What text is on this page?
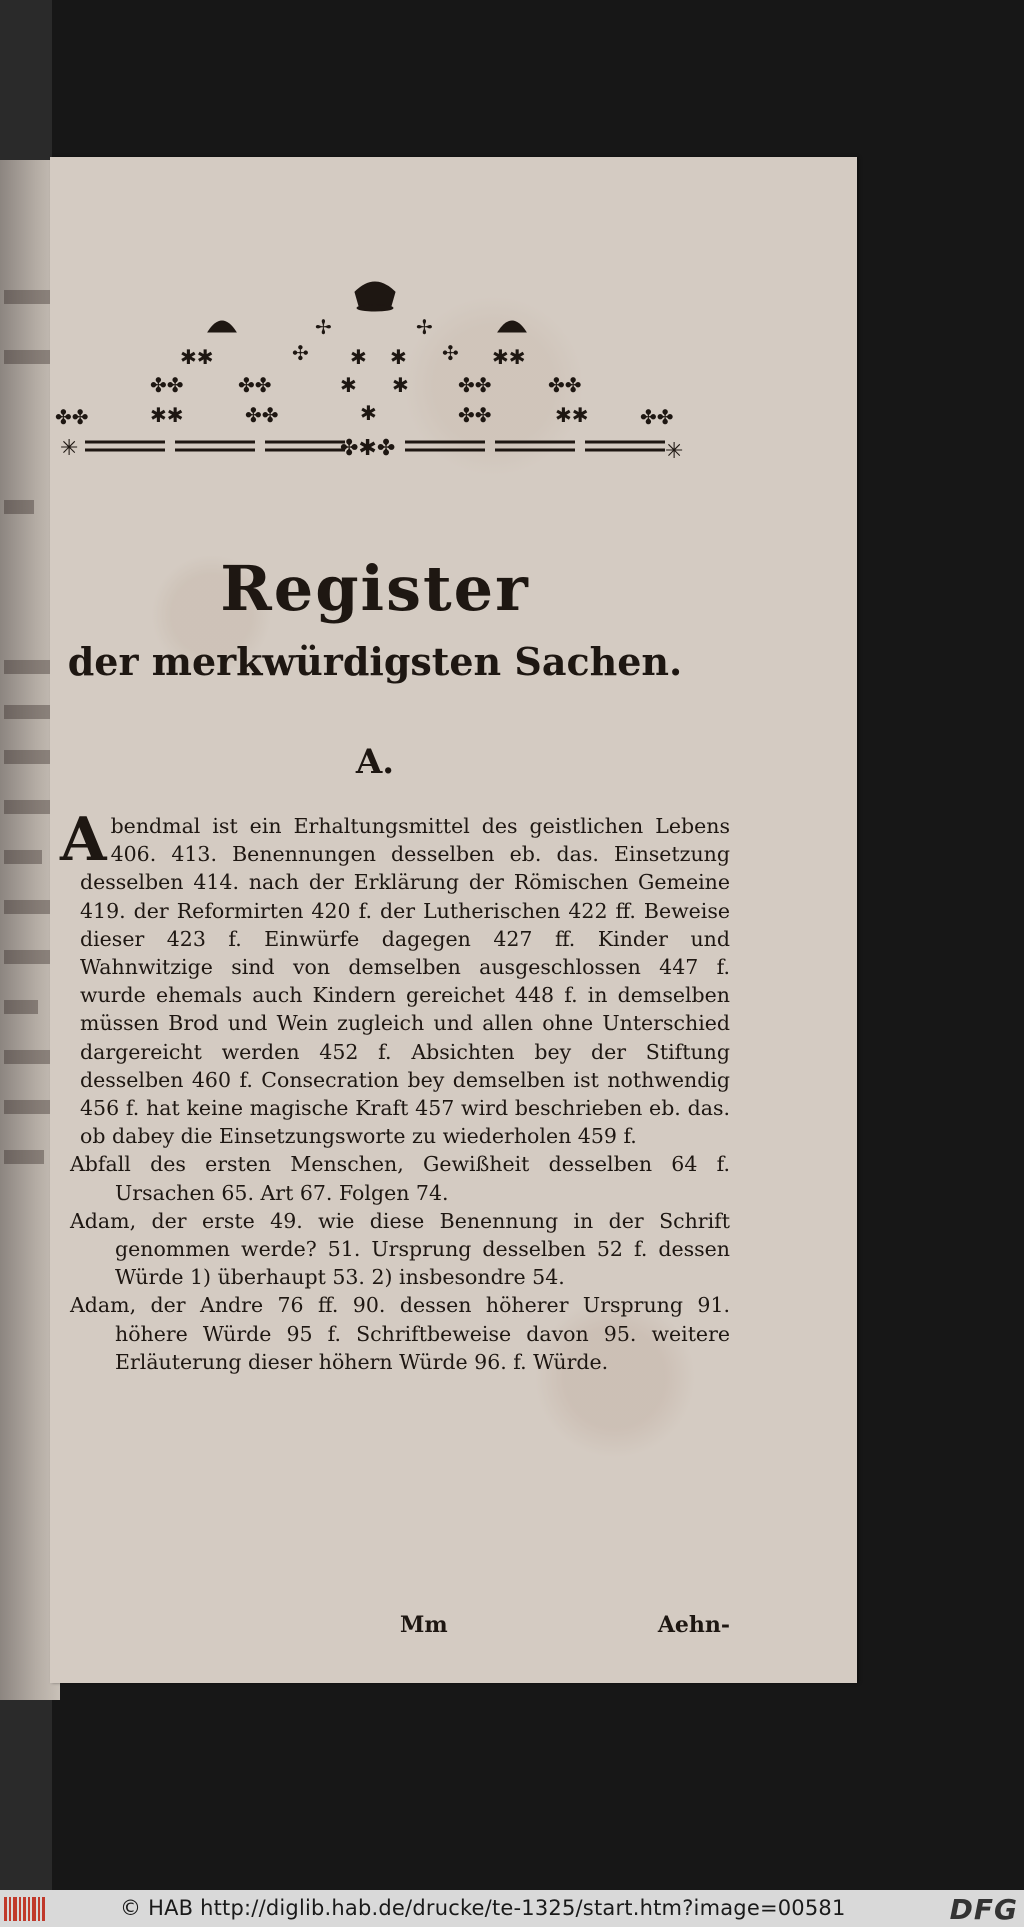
✢	✢
✣ ✱ ✱ ✣
✱✱	✱✱
✤✤	✤✤	✱ ✱ ✤✤	✤✤
✱
✱✱	✤✤	✤✤	✱✱
✤✤	✤✤
✳	✤✱✤	✳
Register
der merkwürdigsten Sachen.
A.

Abendmal ist ein Erhaltungsmittel des geistlichen Lebens 406. 413. Benennungen desselben eb. das. Einsetzung desselben 414. nach der Erklärung der Römischen Gemeine 419. der Reformirten 420 f. der Lutherischen 422 ff. Beweise dieser 423 f. Einwürfe dagegen 427 ff. Kinder und Wahnwitzige sind von demselben ausgeschlossen 447 f. wurde ehemals auch Kindern gereichet 448 f. in demselben müssen Brod und Wein zugleich und allen ohne Unterschied dargereicht werden 452 f. Absichten bey der Stiftung desselben 460 f. Consecration bey demselben ist nothwendig 456 f. hat keine magische Kraft 457 wird beschrieben eb. das. ob dabey die Einsetzungsworte zu wiederholen 459 f.

Abfall des ersten Menschen, Gewißheit desselben 64 f. Ursachen 65. Art 67. Folgen 74.

Adam, der erste 49. wie diese Benennung in der Schrift genommen werde? 51. Ursprung desselben 52 f. dessen Würde 1) überhaupt 53. 2) insbesondre 54.

Adam, der Andre 76 ff. 90. dessen höherer Ursprung 91. höhere Würde 95 f. Schriftbeweise davon 95. weitere Erläuterung dieser höhern Würde 96. f. Würde.

Mm	Aehn-
© HAB http://diglib.hab.de/drucke/te-1325/start.htm?image=00581	DFG
